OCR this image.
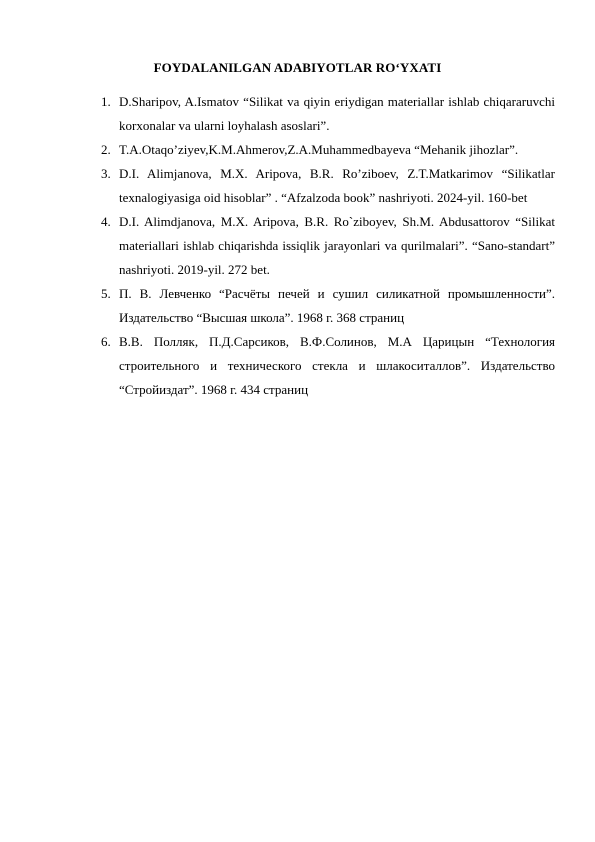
FOYDALANILGAN ADABIYOTLAR RO‘YXATI
1. D.Sharipov, A.Ismatov “Silikat va qiyin eriydigan materiallar ishlab chiqararuvchi korxonalar va ularni loyhalash asoslari”.
2. T.A.Otaqo’ziyev,K.M.Ahmerov,Z.A.Muhammedbayeva “Mehanik jihozlar”.
3. D.I. Alimjanova, M.X. Aripova, B.R. Ro’ziboev, Z.T.Matkarimov “Silikatlar texnalogiyasiga oid hisoblar” . “Afzalzoda book” nashriyoti. 2024-yil. 160-bet
4. D.I. Alimdjanova, M.X. Aripova, B.R. Ro`ziboyev, Sh.M. Abdusattorov “Silikat materiallari ishlab chiqarishda issiqlik jarayonlari va qurilmalari”. “Sano-standart” nashriyoti. 2019-yil. 272 bet.
5. П. В. Левченко “Расчёты печей и сушил силикатной промышленности”. Издательство “Высшая школа”. 1968 г. 368 страниц
6. В.В. Полляк, П.Д.Сарсиков, В.Ф.Солинов, М.А Царицын “Технология строительного и технического стекла и шлакоситаллов”. Издательство “Стройиздат”. 1968 г. 434 страниц
